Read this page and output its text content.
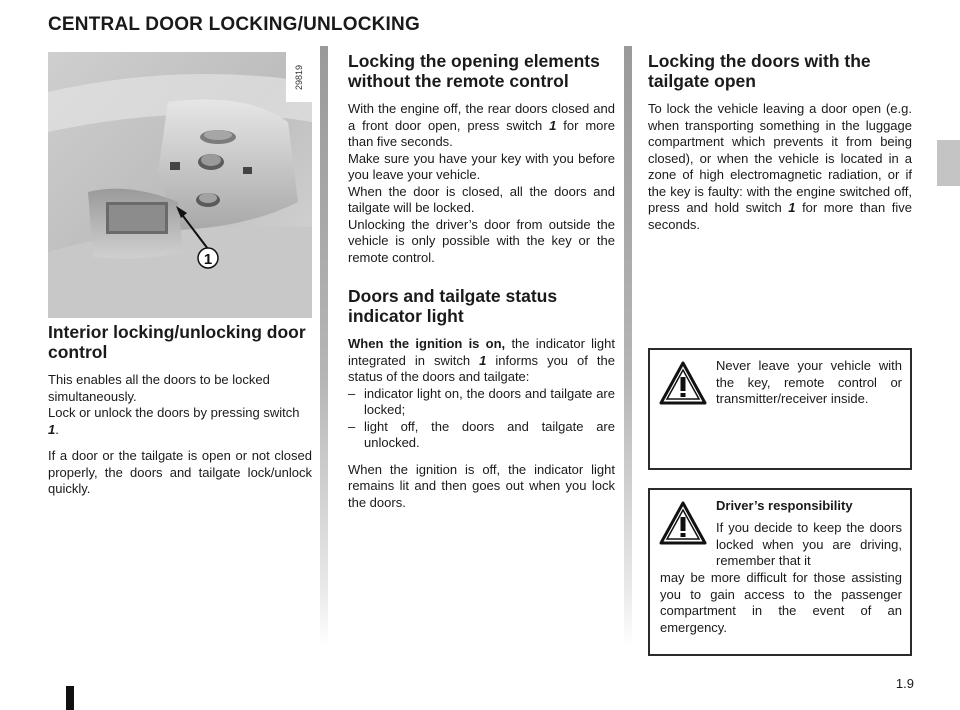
CENTRAL DOOR LOCKING/UNLOCKING
1
29819
Interior locking/unlocking door control
This enables all the doors to be locked simultaneously.
Lock or unlock the doors by pressing switch 1.
If a door or the tailgate is open or not closed properly, the doors and tailgate lock/unlock quickly.
Locking the opening elements without the remote control
With the engine off, the rear doors closed and a front door open, press switch 1 for more than five seconds.
Make sure you have your key with you before you leave your vehicle.
When the door is closed, all the doors and tailgate will be locked.
Unlocking the driver’s door from outside the vehicle is only possible with the key or the remote control.
Doors and tailgate status indicator light
When the ignition is on, the indicator light integrated in switch 1 informs you of the status of the doors and tailgate:
– indicator light on, the doors and tailgate are locked;
– light off, the doors and tailgate are unlocked.
When the ignition is off, the indicator light remains lit and then goes out when you lock the doors.
Locking the doors with the tailgate open
To lock the vehicle leaving a door open (e.g. when transporting something in the luggage compartment which prevents it from being closed), or when the vehicle is located in a zone of high electromagnetic radiation, or if the key is faulty: with the engine switched off, press and hold switch 1 for more than five seconds.
Never leave your vehicle with the key, remote control or transmitter/receiver inside.
Driver’s responsibility
If you decide to keep the doors locked when you are driving, remember that it
may be more difficult for those assisting you to gain access to the passenger compartment in the event of an emergency.
1.9
